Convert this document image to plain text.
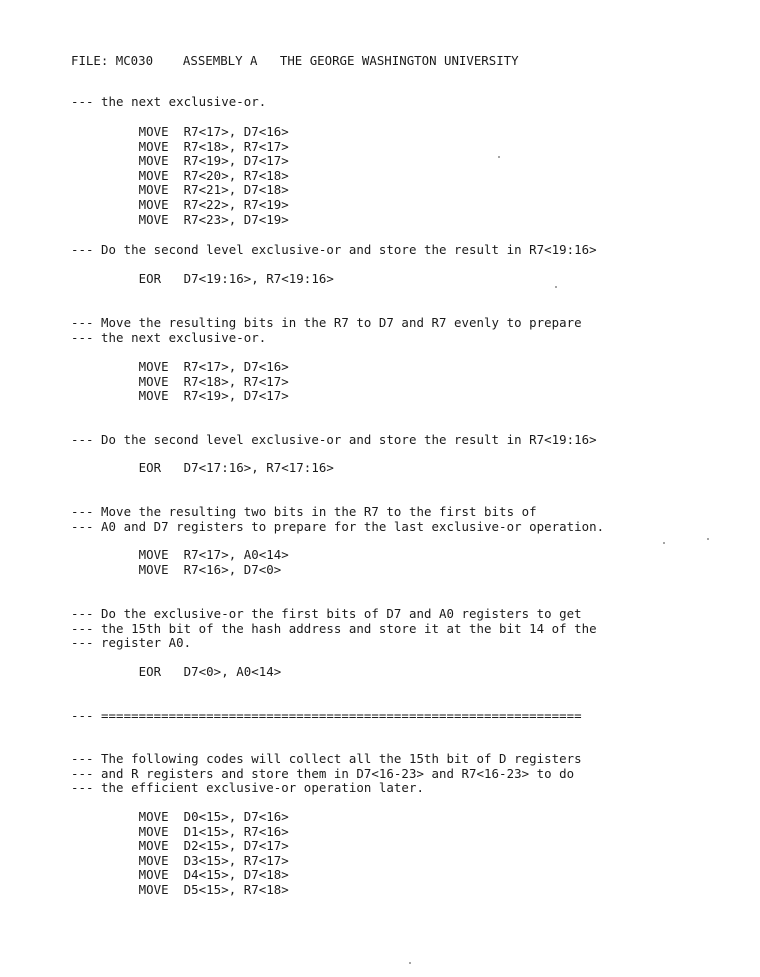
FILE: MC030    ASSEMBLY A   THE GEORGE WASHINGTON UNIVERSITY
--- the next exclusive-or.
MOVE  R7<17>, D7<16>
MOVE  R7<18>, R7<17>
MOVE  R7<19>, D7<17>
MOVE  R7<20>, R7<18>
MOVE  R7<21>, D7<18>
MOVE  R7<22>, R7<19>
MOVE  R7<23>, D7<19>
--- Do the second level exclusive-or and store the result in R7<19:16>
EOR   D7<19:16>, R7<19:16>
--- Move the resulting bits in the R7 to D7 and R7 evenly to prepare
--- the next exclusive-or.
MOVE  R7<17>, D7<16>
MOVE  R7<18>, R7<17>
MOVE  R7<19>, D7<17>
--- Do the second level exclusive-or and store the result in R7<19:16>
EOR   D7<17:16>, R7<17:16>
--- Move the resulting two bits in the R7 to the first bits of
--- A0 and D7 registers to prepare for the last exclusive-or operation.
MOVE  R7<17>, A0<14>
MOVE  R7<16>, D7<0>
--- Do the exclusive-or the first bits of D7 and A0 registers to get
--- the 15th bit of the hash address and store it at the bit 14 of the
--- register A0.
EOR   D7<0>, A0<14>
--- ================================================================
--- The following codes will collect all the 15th bit of D registers
--- and R registers and store them in D7<16-23> and R7<16-23> to do
--- the efficient exclusive-or operation later.
MOVE  D0<15>, D7<16>
MOVE  D1<15>, R7<16>
MOVE  D2<15>, D7<17>
MOVE  D3<15>, R7<17>
MOVE  D4<15>, D7<18>
MOVE  D5<15>, R7<18>
